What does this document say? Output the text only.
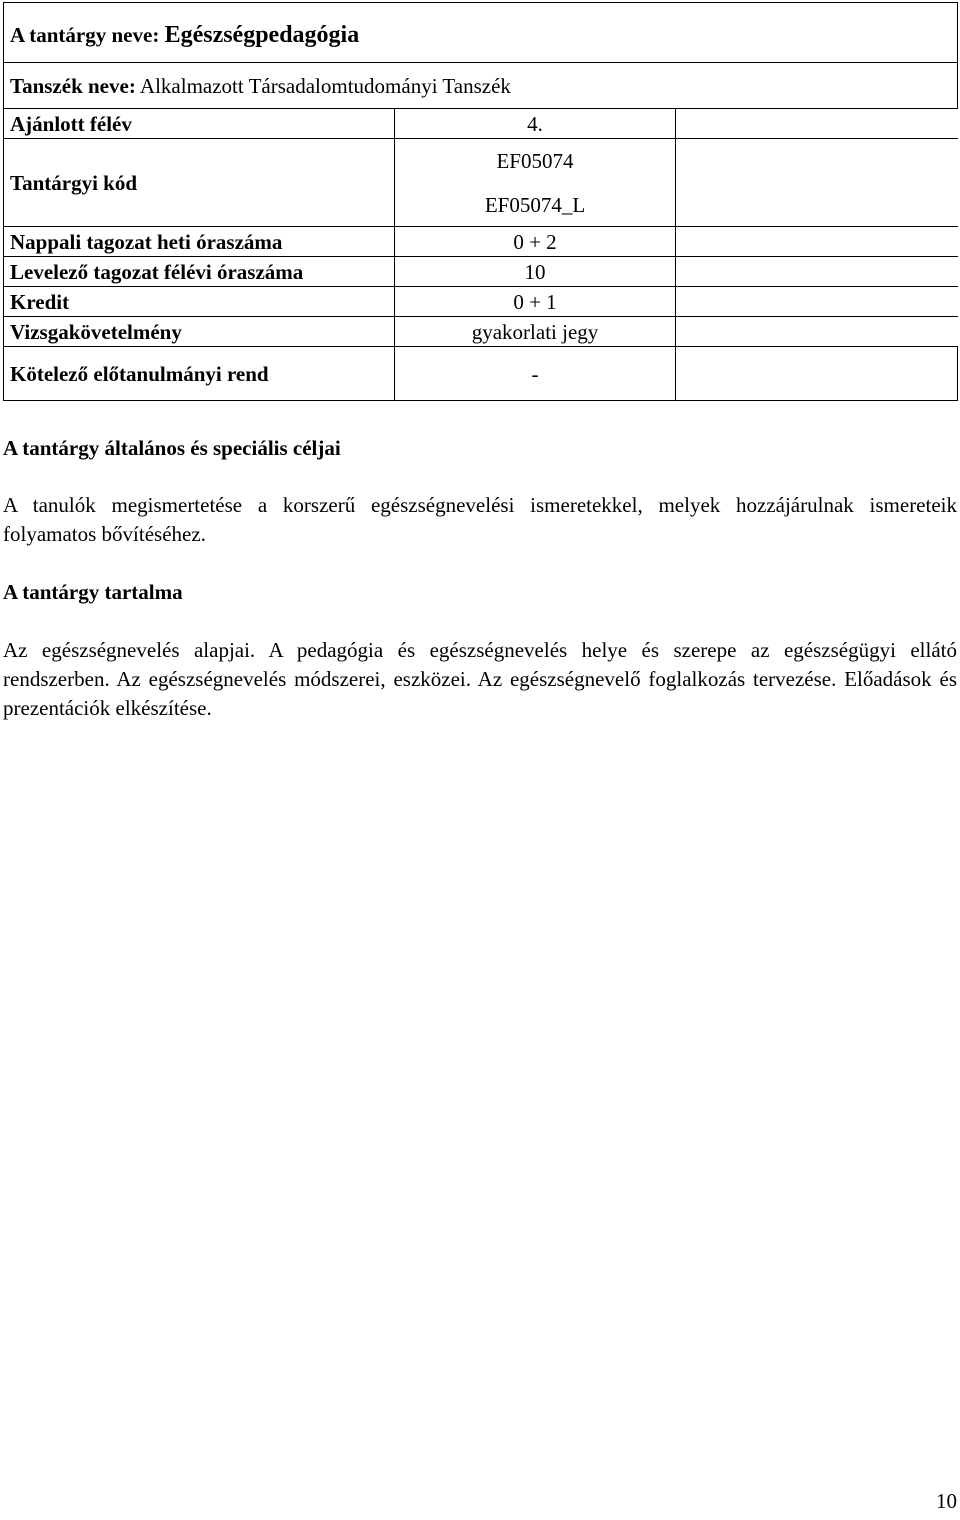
A tantárgy neve: Egészségpedagógia		
Tanszék neve: Alkalmazott Társadalomtudományi Tanszék		
Ajánlott félév	4.	
Tantárgyi kód	EF05074
EF05074_L	

Nappali tagozat heti óraszáma	0 + 2	
Levelező tagozat félévi óraszáma	10	
Kredit	0 + 1	
Vizsgakövetelmény	gyakorlati jegy	
Kötelező előtanulmányi rend	-	
A tantárgy általános és speciális céljai
A tanulók megismertetése a korszerű egészségnevelési ismeretekkel, melyek hozzájárulnak ismereteik folyamatos bővítéséhez.
A tantárgy tartalma
Az egészségnevelés alapjai. A pedagógia és egészségnevelés helye és szerepe az egészségügyi ellátó rendszerben. Az egészségnevelés módszerei, eszközei. Az egészségnevelő foglalkozás tervezése. Előadások és prezentációk elkészítése.
10
